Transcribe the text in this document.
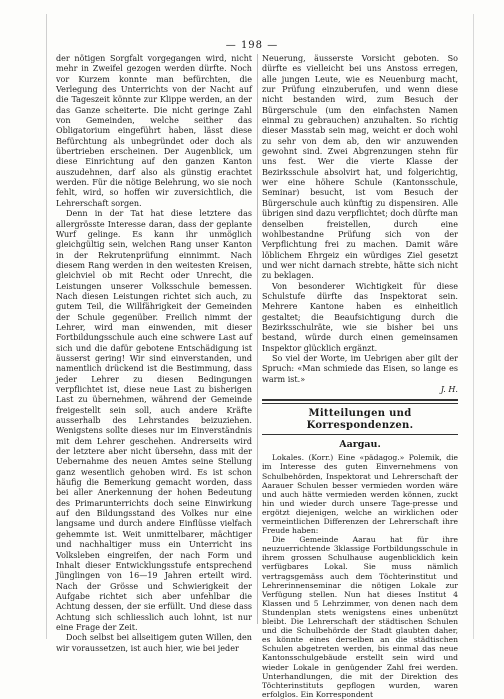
— 198 —

der nötigen Sorgfalt vorgegangen wird, nicht mehr in Zweifel gezogen werden dürfte. Noch vor Kurzem konnte man befürchten, die Verlegung des Unterrichts von der Nacht auf die Tageszeit könnte zur Klippe werden, an der das Ganze scheiterte. Die nicht geringe Zahl von Gemeinden, welche seither das Obligatorium eingeführt haben, lässt diese Befürchtung als unbegründet oder doch als übertrieben erscheinen. Der Augenblick, um diese Einrichtung auf den ganzen Kanton auszudehnen, darf also als günstig erachtet werden. Für die nötige Belehrung, wo sie noch fehlt, wird, so hoffen wir zuversichtlich, die Lehrerschaft sorgen.

Denn in der Tat hat diese letztere das allergrösste Interesse daran, dass der geplante Wurf gelinge. Es kann ihr unmöglich gleichgültig sein, welchen Rang unser Kanton in der Rekrutenprüfung einnimmt. Nach diesem Rang werden in den weitesten Kreisen, gleichviel ob mit Recht oder Unrecht, die Leistungen unserer Volksschule bemessen. Nach diesen Leistungen richtet sich auch, zu gutem Teil, die Willfährigkeit der Gemeinden der Schule gegenüber. Freilich nimmt der Lehrer, wird man einwenden, mit dieser Fortbildungsschule auch eine schwere Last auf sich und die dafür gebotene Entschädigung ist äusserst gering! Wir sind einverstanden, und namentlich drückend ist die Bestimmung, dass jeder Lehrer zu diesen Bedingungen verpflichtet ist, diese neue Last zu bisherigen Last zu übernehmen, während der Gemeinde freigestellt sein soll, auch andere Kräfte ausserhalb des Lehrstandes beizuziehen. Wenigstens sollte dieses nur im Einverständnis mit dem Lehrer geschehen. Andrerseits wird der letztere aber nicht übersehn, dass mit der Uebernahme des neuen Amtes seine Stellung ganz wesentlich gehoben wird. Es ist schon häufig die Bemerkung gemacht worden, dass bei aller Anerkennung der hohen Bedeutung des Primarunterrichts doch seine Einwirkung auf den Bildungsstand des Volkes nur eine langsame und durch andere Einflüsse vielfach gehemmte ist. Weit unmittelbarer, mächtiger und nachhaltiger muss ein Unterricht ins Volksleben eingreifen, der nach Form und Inhalt dieser Entwicklungsstufe entsprechend Jünglingen von 16—19 Jahren erteilt wird. Nach der Grösse und Schwierigkeit der Aufgabe richtet sich aber unfehlbar die Achtung dessen, der sie erfüllt. Und diese dass Achtung sich schliesslich auch lohnt, ist nur eine Frage der Zeit.

Doch selbst bei allseitigem guten Willen, den wir voraussetzen, ist auch hier, wie bei jeder

Neuerung, äusserste Vorsicht geboten. So dürfte es vielleicht bei uns Anstoss erregen, alle jungen Leute, wie es Neuenburg macht, zur Prüfung einzuberufen, und wenn diese nicht bestanden wird, zum Besuch der Bürgerschule (um den einfachsten Namen einmal zu gebrauchen) anzuhalten. So richtig dieser Masstab sein mag, weicht er doch wohl zu sehr von dem ab, den wir anzuwenden gewohnt sind. Zwei Abgrenzungen stehn für uns fest. Wer die vierte Klasse der Bezirksschule absolvirt hat, und folgerichtig, wer eine höhere Schule (Kantonsschule, Seminar) besucht, ist vom Besuch der Bürgerschule auch künftig zu dispensiren. Alle übrigen sind dazu verpflichtet; doch dürfte man denselben freistellen, durch eine wohlbestandne Prüfung sich von der Verpflichtung frei zu machen. Damit wäre löblichem Ehrgeiz ein würdiges Ziel gesetzt und wer nicht darnach strebte, hätte sich nicht zu beklagen.

Von besonderer Wichtigkeit für diese Schulstufe dürfte das Inspektorat sein. Mehrere Kantone haben es einheitlich gestaltet; die Beaufsichtigung durch die Bezirksschulräte, wie sie bisher bei uns bestand, würde durch einen gemeinsamen Inspektor glücklich ergänzt.

So viel der Worte, im Uebrigen aber gilt der Spruch: «Man schmiede das Eisen, so lange es warm ist.»

J. H.
Mitteilungen und Korrespondenzen.
Aargau.

Lokales. (Korr.) Eine «pädagog.» Polemik, die im Interesse des guten Einvernehmens von Schulbehörden, Inspektorat und Lehrerschaft der Aarauer Schulen besser vermieden worden wäre und auch hätte vermieden werden können, zuckt hin und wieder durch unsere Tage-presse und ergötzt diejenigen, welche an wirklichen oder vermeintlichen Differenzen der Lehrerschaft ihre Freude haben:

Die Gemeinde Aarau hat für ihre neuzuerrichtende 3klassige Fortbildungsschule in ihrem grossen Schulhause augenblicklich kein verfügbares Lokal. Sie muss nämlich vertragsgemäss auch dem Töchterinstitut und Lehrerinnenseminar die nötigen Lokale zur Verfügung stellen. Nun hat dieses Institut 4 Klassen und 5 Lehrzimmer, von denen nach dem Stundenplan stets wenigstens eines unbenützt bleibt. Die Lehrerschaft der städtischen Schulen und die Schulbehörde der Stadt glaubten daher, es könnte eines derselben an die städtischen Schulen abgetreten werden, bis einmal das neue Kantonsschulgebäude erstellt sein wird und wieder Lokale in genügender Zahl frei werden. Unterhandlungen, die mit der Direktion des Töchterinstituts gepflogen wurden, waren erfolglos. Ein Korrespondent
